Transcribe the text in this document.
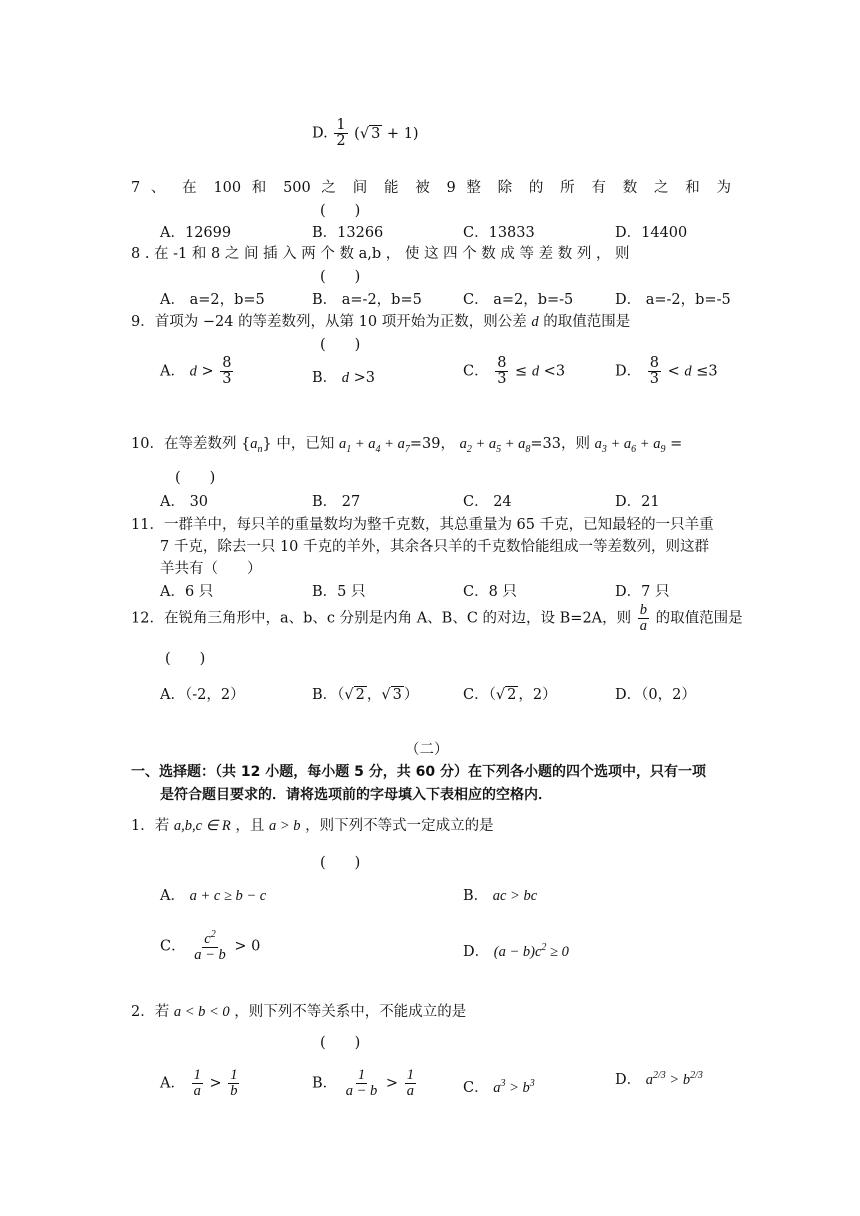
D. $\frac{1}{2}$ (√ 3 + 1)
7 、 在 100 和 500 之 间 能 被 9 整 除 的 所 有 数 之 和 为
(　　)
A．12699	B．13266	C．13833	D．14400
8 . 在 -1 和 8 之 间 插 入 两 个 数 a,b ， 使 这 四 个 数 成 等 差 数 列 ， 则
(　　)
A． a=2，b=5	B． a=-2，b=5	C． a=2，b=-5	D． a=-2，b=-5
9．首项为 −24 的等差数列，从第 10 项开始为正数，则公差 d 的取值范围是
(　　)
A． $d > \frac{8}{3}$	B． d >3	C． $\frac{8}{3} \le d <3$	D． $\frac{8}{3} < d \le 3$
10．在等差数列 $\{a_n\}$ 中，已知 $a_1 + a_4 + a_7=39$， $a_2 + a_5 + a_8=33$，则 $a_3 + a_6 + a_9$ =
(　　)
A． 30	B． 27	C． 24	D．21
11．一群羊中，每只羊的重量数均为整千克数，其总重量为 65 千克，已知最轻的一只羊重
7 千克，除去一只 10 千克的羊外，其余各只羊的千克数恰能组成一等差数列，则这群
羊共有（　　）
A．6 只	B．5 只	C．8 只	D．7 只
12．在锐角三角形中，a、b、c 分别是内角 A、B、C 的对边，设 B=2A，则 $\frac{b}{a}$ 的取值范围是
(　　)
A．（-2，2）	B．（√ 2 ，√ 3 ）	C．（√ 2 ，2）	D．（0，2）
（二）
一、选择题：（共 12 小题，每小题 5 分，共 60 分）在下列各小题的四个选项中，只有一项
是符合题目要求的．请将选项前的字母填入下表相应的空格内．
1．若 a,b,c ∈ R ，且 a > b ，则下列不等式一定成立的是
(　　)
A． a + c ≥ b − c	B． ac > bc
C． $\frac{c^2}{a - b} > 0$	D． $(a - b)c^2 \ge 0$
2．若 a < b < 0 ，则下列不等关系中，不能成立的是
(　　)
A． $\frac{1}{a} > \frac{1}{b}$	B． $\frac{1}{a - b} > \frac{1}{a}$	C． $a^3 > b^3$	D． $a^{2/3} > b^{2/3}$
